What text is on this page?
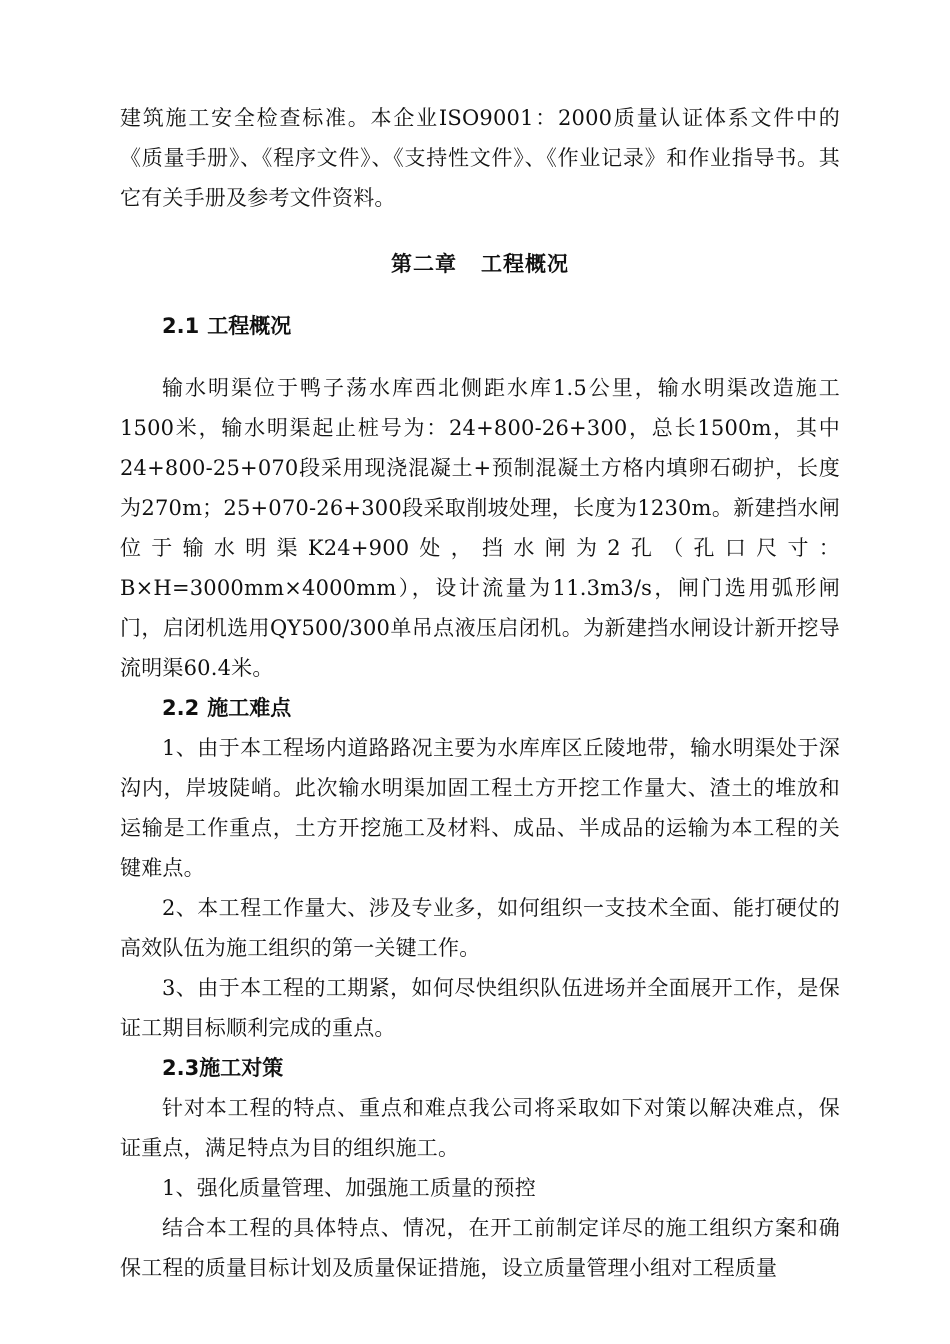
建筑施工安全检查标准。本企业ISO9001：2000质量认证体系文件中的《质量手册》、《程序文件》、《支持性文件》、《作业记录》和作业指导书。其它有关手册及参考文件资料。

第二章 工程概况
2.1 工程概况

输水明渠位于鸭子荡水库西北侧距水库1.5公里，输水明渠改造施工1500米，输水明渠起止桩号为：24+800-26+300，总长1500m，其中24+800-25+070段采用现浇混凝土+预制混凝土方格内填卵石砌护，长度为270m；25+070-26+300段采取削坡处理，长度为1230m。新建挡水闸位于输水明渠K24+900处，挡水闸为2孔（孔口尺寸：B×H=3000mm×4000mm），设计流量为11.3m3/s，闸门选用弧形闸门，启闭机选用QY500/300单吊点液压启闭机。为新建挡水闸设计新开挖导流明渠60.4米。

2.2 施工难点

1、由于本工程场内道路路况主要为水库库区丘陵地带，输水明渠处于深沟内，岸坡陡峭。此次输水明渠加固工程土方开挖工作量大、渣土的堆放和运输是工作重点，土方开挖施工及材料、成品、半成品的运输为本工程的关键难点。

2、本工程工作量大、涉及专业多，如何组织一支技术全面、能打硬仗的高效队伍为施工组织的第一关键工作。

3、由于本工程的工期紧，如何尽快组织队伍进场并全面展开工作，是保证工期目标顺利完成的重点。

2.3施工对策

针对本工程的特点、重点和难点我公司将采取如下对策以解决难点，保证重点，满足特点为目的组织施工。

1、强化质量管理、加强施工质量的预控

结合本工程的具体特点、情况，在开工前制定详尽的施工组织方案和确保工程的质量目标计划及质量保证措施，设立质量管理小组对工程质量
